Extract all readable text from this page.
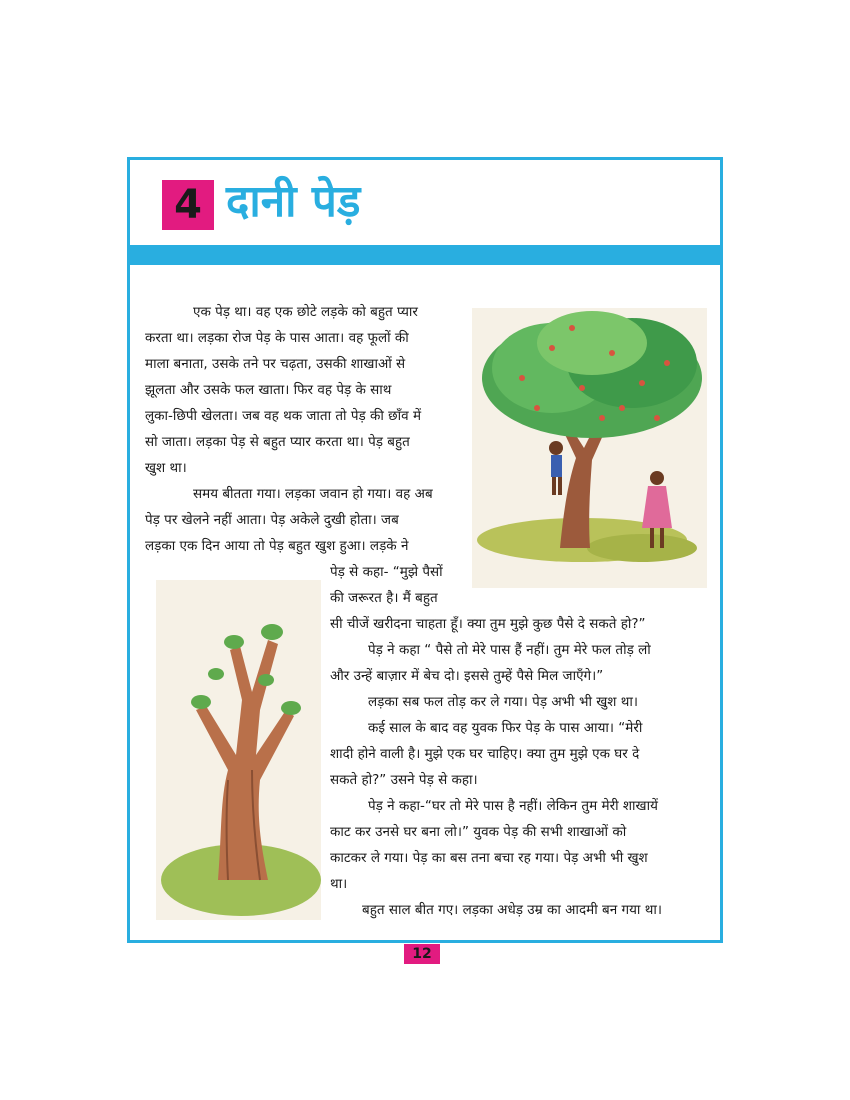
4 दानी पेड़
एक पेड़ था। वह एक छोटे लड़के को बहुत प्यार
करता था। लड़का रोज पेड़ के पास आता। वह फूलों की
माला बनाता, उसके तने पर चढ़ता, उसकी शाखाओं से
झूलता और उसके फल खाता। फिर वह पेड़ के साथ
लुका-छिपी खेलता। जब वह थक जाता तो पेड़ की छाँव में
सो जाता। लड़का पेड़ से बहुत प्यार करता था। पेड़ बहुत
खुश था।
समय बीतता गया। लड़का जवान हो गया। वह अब
पेड़ पर खेलने नहीं आता। पेड़ अकेले दुखी होता। जब
लड़का एक दिन आया तो पेड़ बहुत खुश हुआ। लड़के ने
पेड़ से कहा- “मुझे पैसों
की जरूरत है। मैं बहुत
सी चीजें खरीदना चाहता हूँ। क्या तुम मुझे कुछ पैसे दे सकते हो?”
पेड़ ने कहा “ पैसे तो मेरे पास हैं नहीं। तुम मेरे फल तोड़ लो
और उन्हें बाज़ार में बेच दो। इससे तुम्हें पैसे मिल जाएँगे।”
लड़का सब फल तोड़ कर ले गया। पेड़ अभी भी खुश था।
कई साल के बाद वह युवक फिर पेड़ के पास आया। “मेरी
शादी होने वाली है। मुझे एक घर चाहिए। क्या तुम मुझे एक घर दे
सकते हो?” उसने पेड़ से कहा।
पेड़ ने कहा-“घर तो मेरे पास है नहीं। लेकिन तुम मेरी शाखायें
काट कर उनसे घर बना लो।” युवक पेड़ की सभी शाखाओं को
काटकर ले गया। पेड़ का बस तना बचा रह गया। पेड़ अभी भी खुश
था।
बहुत साल बीत गए। लड़का अधेड़ उम्र का आदमी बन गया था।
12
